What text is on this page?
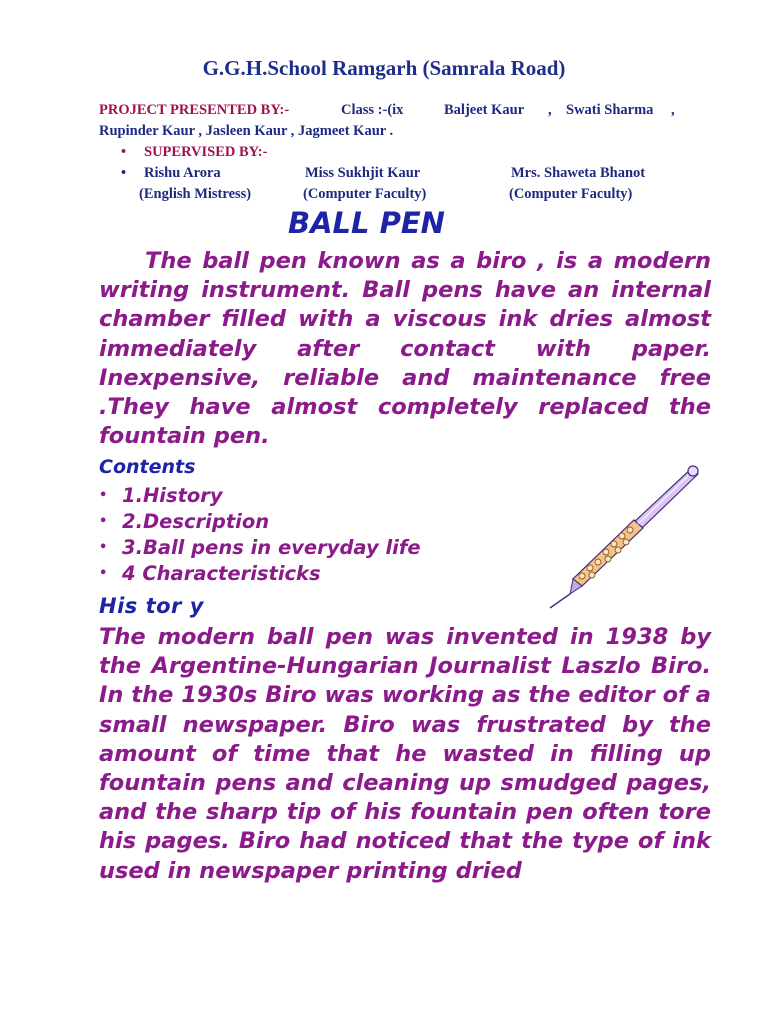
G.G.H.School Ramgarh (Samrala Road)
PROJECT PRESENTED BY:-	Class :-(ix	Baljeet Kaur , Swati Sharma ,
Rupinder Kaur , Jasleen Kaur , Jagmeet Kaur .
• SUPERVISED BY:-
• Rishu Arora	Miss Sukhjit Kaur	Mrs. Shaweta Bhanot
(English Mistress)	(Computer Faculty)	(Computer Faculty)
BALL PEN

The ball pen known as a biro , is a modern writing instrument. Ball pens have an internal chamber filled with a viscous ink dries almost immediately after contact with paper. Inexpensive, reliable and maintenance free .They have almost completely replaced the fountain pen.

Contents
• 1.History
• 2.Description
• 3.Ball pens in everyday life
• 4 Characteristicks
His tor y

The modern ball pen was invented in 1938 by the Argentine-Hungarian Journalist Laszlo Biro. In the 1930s Biro was working as the editor of a small newspaper. Biro was frustrated by the amount of time that he wasted in filling up fountain pens and cleaning up smudged pages, and the sharp tip of his fountain pen often tore his pages. Biro had noticed that the type of ink used in newspaper printing dried
